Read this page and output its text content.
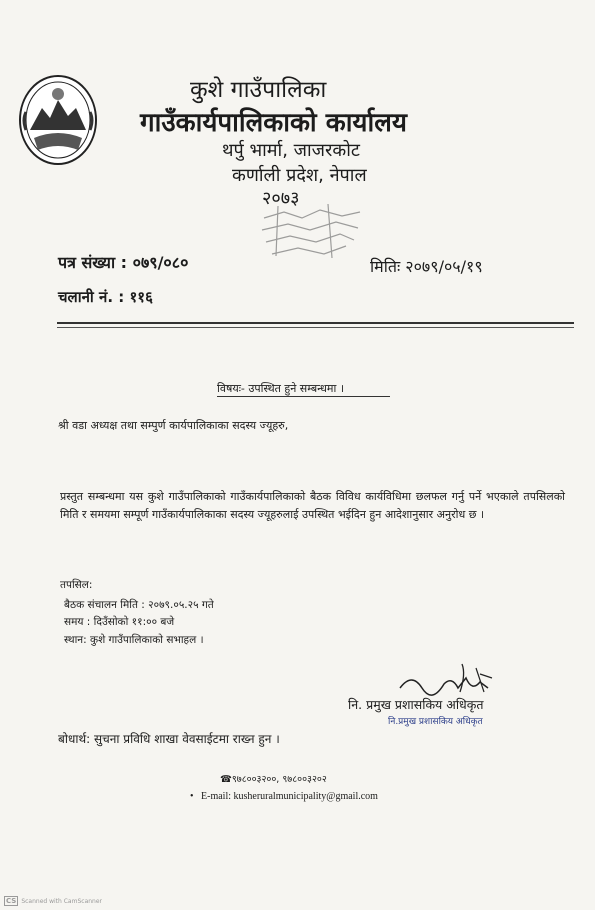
कुशे गाउँपालिका
गाउँकार्यपालिकाको कार्यालय
थर्पु भार्मा, जाजरकोट
कर्णाली प्रदेश, नेपाल
२०७३
पत्र संख्या : ०७९/०८०	मितिः २०७९/०५/१९
चलानी नं. : ११६
विषयः- उपस्थित हुने सम्बन्धमा ।
श्री वडा अध्यक्ष तथा सम्पुर्ण कार्यपालिकाका सदस्य ज्यूहरु,
प्रस्तुत सम्बन्धमा यस कुशे गाउँपालिकाको गाउँकार्यपालिकाको बैठक विविध कार्यविधिमा छलफल गर्नु पर्ने भएकाले तपसिलको मिति र समयमा सम्पूर्ण गाउँकार्यपालिकाका सदस्य ज्यूहरुलाई उपस्थित भईदिन हुन आदेशानुसार अनुरोध छ ।
तपसिल:
बैठक संचालन मिति : २०७९.०५.२५ गते
समय : दिउँसोको ११:०० बजे
स्थान: कुशे गाउँपालिकाको सभाहल ।
नि. प्रमुख प्रशासकिय अधिकृत
नि.प्रमुख प्रशासकिय अधिकृत
बोधार्थ: सुचना प्रविधि शाखा वेवसाईटमा राख्न हुन ।
☎९७८००३२००, ९७८००३२०२
•   E-mail: kusheruralmunicipality@gmail.com
CS Scanned with CamScanner
